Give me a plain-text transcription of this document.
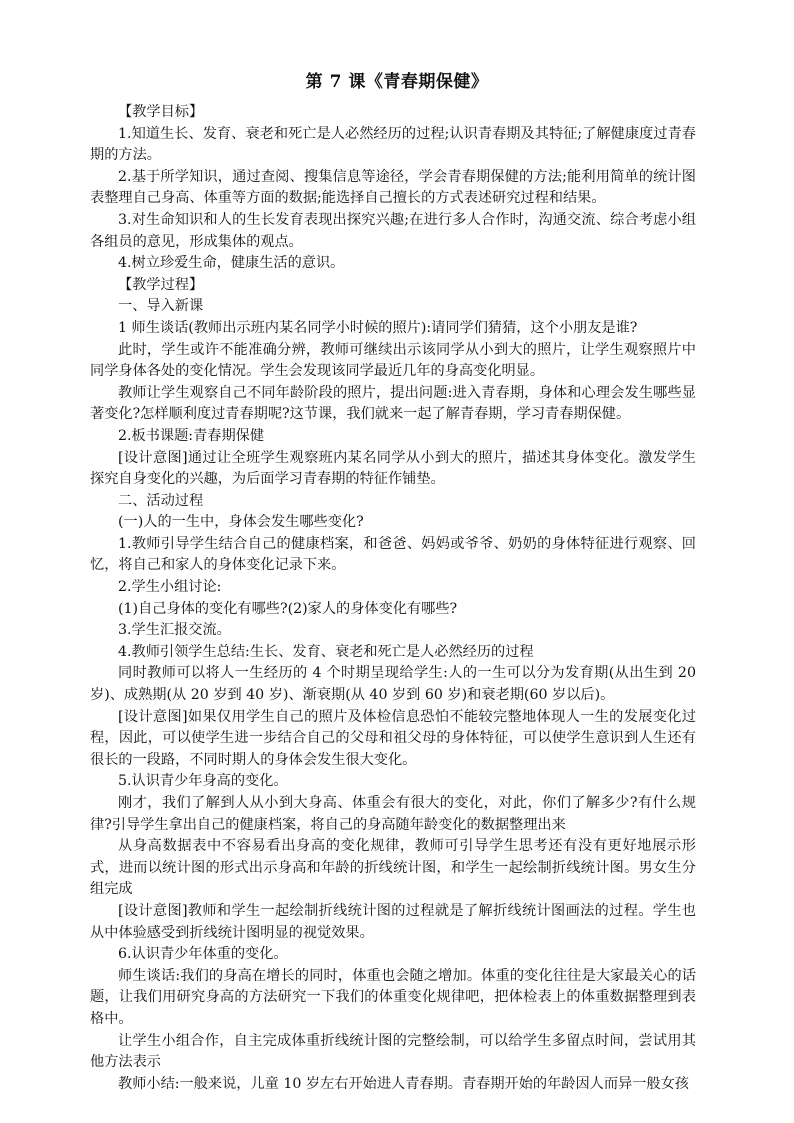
第 7 课《青春期保健》

【教学目标】

1.知道生长、发育、衰老和死亡是人必然经历的过程;认识青春期及其特征;了解健康度过青春期的方法。

2.基于所学知识，通过查阅、搜集信息等途径，学会青春期保健的方法;能利用简单的统计图表整理自己身高、体重等方面的数据;能选择自己擅长的方式表述研究过程和结果。

3.对生命知识和人的生长发育表现出探究兴趣;在进行多人合作时，沟通交流、综合考虑小组各组员的意见，形成集体的观点。

4.树立珍爱生命，健康生活的意识。

【教学过程】

一、导入新课

1 师生谈话(教师出示班内某名同学小时候的照片):请同学们猜猜，这个小朋友是谁?

此时，学生或许不能准确分辨，教师可继续出示该同学从小到大的照片，让学生观察照片中同学身体各处的变化情况。学生会发现该同学最近几年的身高变化明显。

教师让学生观察自己不同年龄阶段的照片，提出问题:进入青春期，身体和心理会发生哪些显著变化?怎样顺利度过青春期呢?这节课，我们就来一起了解青春期，学习青春期保健。

2.板书课题:青春期保健

[设计意图]通过让全班学生观察班内某名同学从小到大的照片，描述其身体变化。激发学生探究自身变化的兴趣，为后面学习青春期的特征作铺垫。

二、活动过程

(一)人的一生中，身体会发生哪些变化?

1.教师引导学生结合自己的健康档案，和爸爸、妈妈或爷爷、奶奶的身体特征进行观察、回忆，将自己和家人的身体变化记录下来。

2.学生小组讨论:

(1)自己身体的变化有哪些?(2)家人的身体变化有哪些?

3.学生汇报交流。

4.教师引领学生总结:生长、发育、衰老和死亡是人必然经历的过程

同时教师可以将人一生经历的 4 个时期呈现给学生:人的一生可以分为发育期(从出生到 20 岁)、成熟期(从 20 岁到 40 岁)、渐衰期(从 40 岁到 60 岁)和衰老期(60 岁以后)。

[设计意图]如果仅用学生自己的照片及体检信息恐怕不能较完整地体现人一生的发展变化过程，因此，可以使学生进一步结合自己的父母和祖父母的身体特征，可以使学生意识到人生还有很长的一段路，不同时期人的身体会发生很大变化。

5.认识青少年身高的变化。

刚才，我们了解到人从小到大身高、体重会有很大的变化，对此，你们了解多少?有什么规律?引导学生拿出自己的健康档案，将自己的身高随年龄变化的数据整理出来

从身高数据表中不容易看出身高的变化规律，教师可引导学生思考还有没有更好地展示形式，进而以统计图的形式出示身高和年龄的折线统计图，和学生一起绘制折线统计图。男女生分组完成

[设计意图]教师和学生一起绘制折线统计图的过程就是了解折线统计图画法的过程。学生也从中体验感受到折线统计图明显的视觉效果。

6.认识青少年体重的变化。

师生谈话:我们的身高在增长的同时，体重也会随之增加。体重的变化往往是大家最关心的话题，让我们用研究身高的方法研究一下我们的体重变化规律吧，把体检表上的体重数据整理到表格中。

让学生小组合作，自主完成体重折线统计图的完整绘制，可以给学生多留点时间，尝试用其他方法表示

教师小结:一般来说，儿童 10 岁左右开始进人青春期。青春期开始的年龄因人而异一般女孩
